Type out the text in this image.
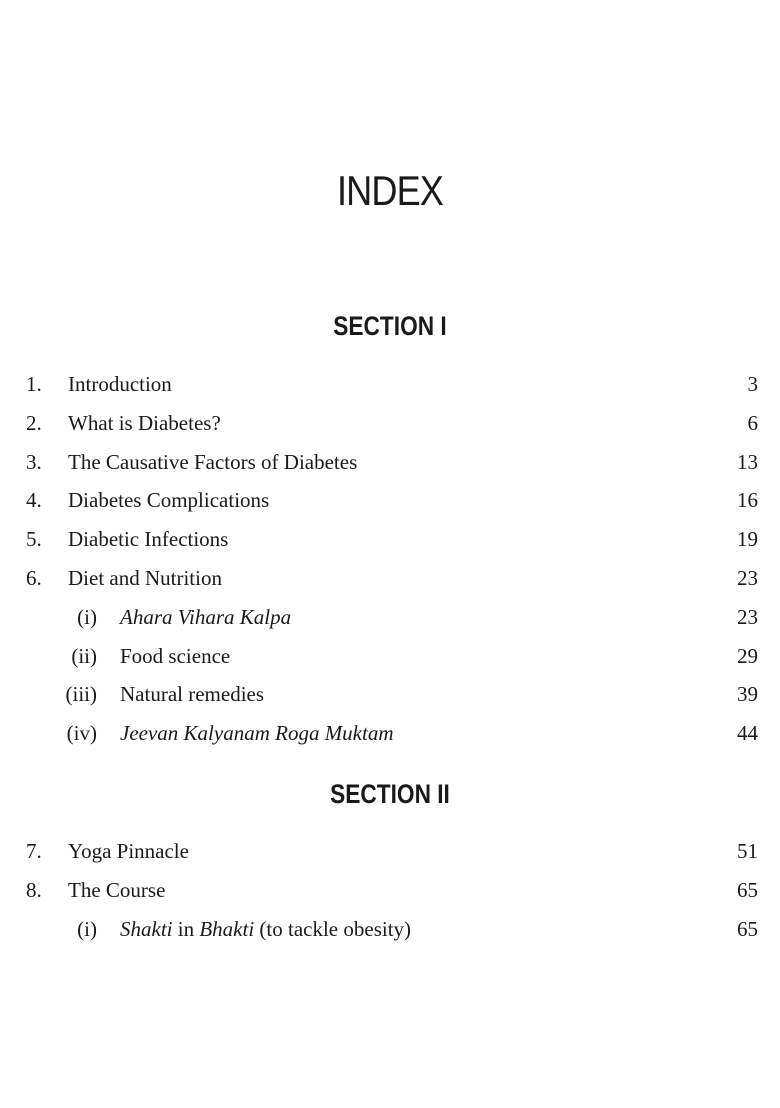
INDEX
SECTION I
1. Introduction	3
2. What is Diabetes?	6
3. The Causative Factors of Diabetes	13
4. Diabetes Complications	16
5. Diabetic Infections	19
6. Diet and Nutrition	23
(i) Ahara Vihara Kalpa	23
(ii) Food science	29
(iii) Natural remedies	39
(iv) Jeevan Kalyanam Roga Muktam	44
SECTION II
7. Yoga Pinnacle	51
8. The Course	65
(i) Shakti in Bhakti (to tackle obesity)	65
